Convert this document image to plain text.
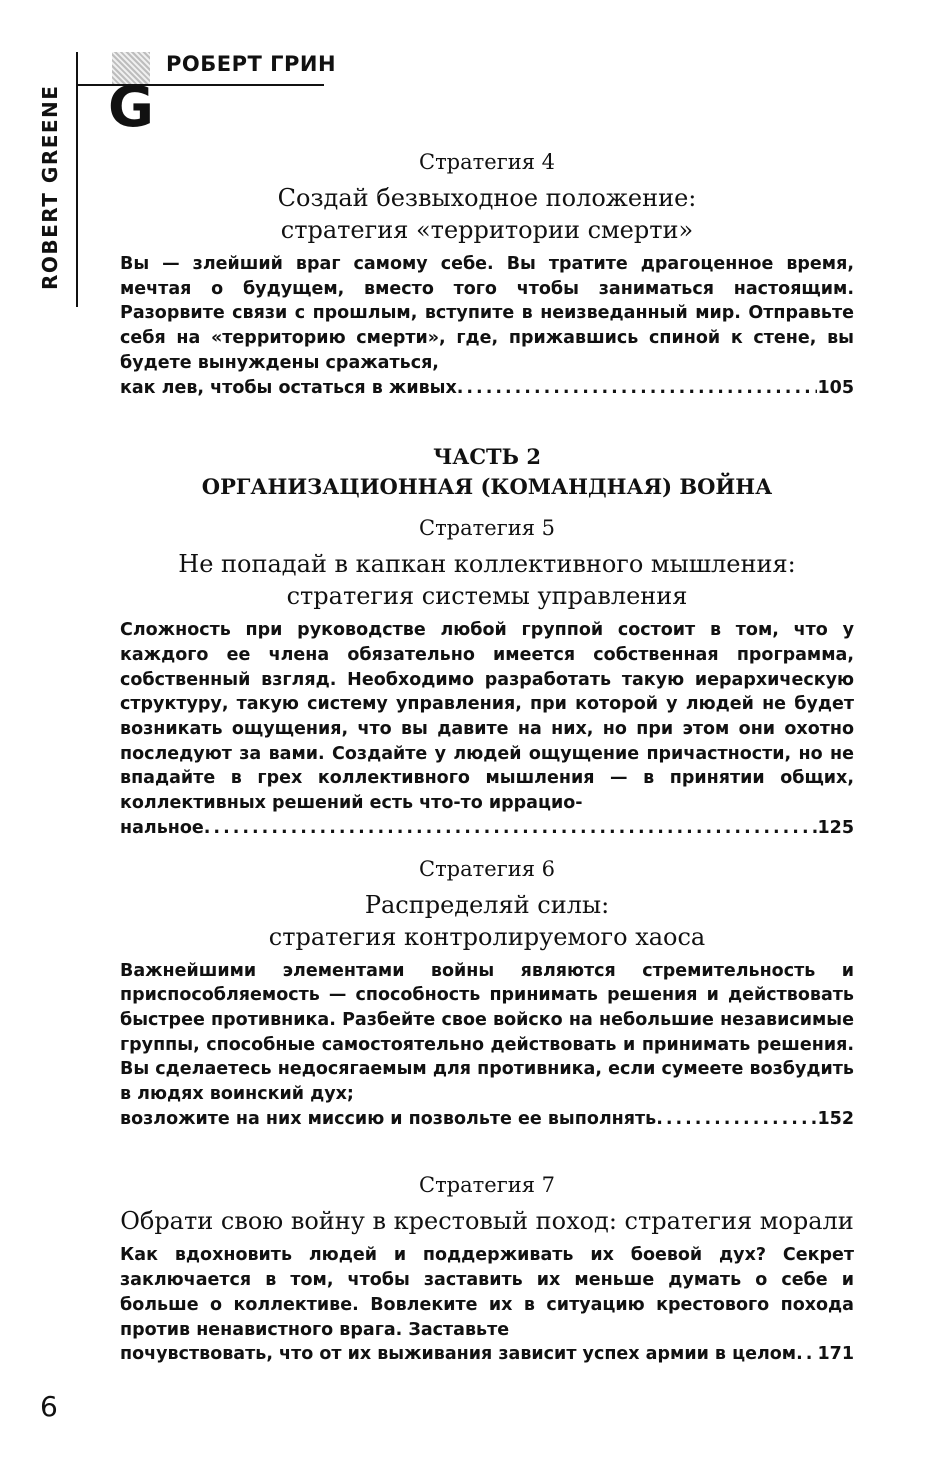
G
РОБЕРТ ГРИН
ROBERT GREENE	Стратегия 4
Создай безвыходное положение:
стратегия «территории смерти»
Вы — злейший враг самому себе. Вы тратите драгоценное время, мечтая о будущем, вместо того чтобы заниматься настоящим. Разорвите связи с прошлым, вступите в неизведанный мир. Отправьте себя на «территорию смерти», где, прижавшись спиной к стене, вы будете вынуждены сражаться,
как лев, чтобы остаться в живых .....	105
ЧАСТЬ 2
ОРГАНИЗАЦИОННАЯ (КОМАНДНАЯ) ВОЙНА
Стратегия 5
Не попадай в капкан коллективного мышления:
стратегия системы управления
Сложность при руководстве любой группой состоит в том, что у каждого ее члена обязательно имеется собственная программа, собственный взгляд. Необходимо разработать такую иерархическую структуру, такую систему управления, при которой у людей не будет возникать ощущения, что вы давите на них, но при этом они охотно последуют за вами. Создайте у людей ощущение причастности, но не впадайте в грех коллективного мышления — в принятии общих, коллективных решений есть что-то иррацио-
нальное .....	125
Стратегия 6
Распределяй силы:
стратегия контролируемого хаоса
Важнейшими элементами войны являются стремительность и приспособляемость — способность принимать решения и действовать быстрее противника. Разбейте свое войско на небольшие независимые группы, способные самостоятельно действовать и принимать решения. Вы сделаетесь недосягаемым для противника, если сумеете возбудить в людях воинский дух;
возложите на них миссию и позвольте ее выполнять .....	152
Стратегия 7
Обрати свою войну в крестовый поход: стратегия морали
Как вдохновить людей и поддерживать их боевой дух? Секрет заключается в том, чтобы заставить их меньше думать о себе и больше о коллективе. Вовлеките их в ситуацию крестового похода против ненавистного врага. Заставьте
почувствовать, что от их выживания зависит успех армии в целом ..... 171
6
